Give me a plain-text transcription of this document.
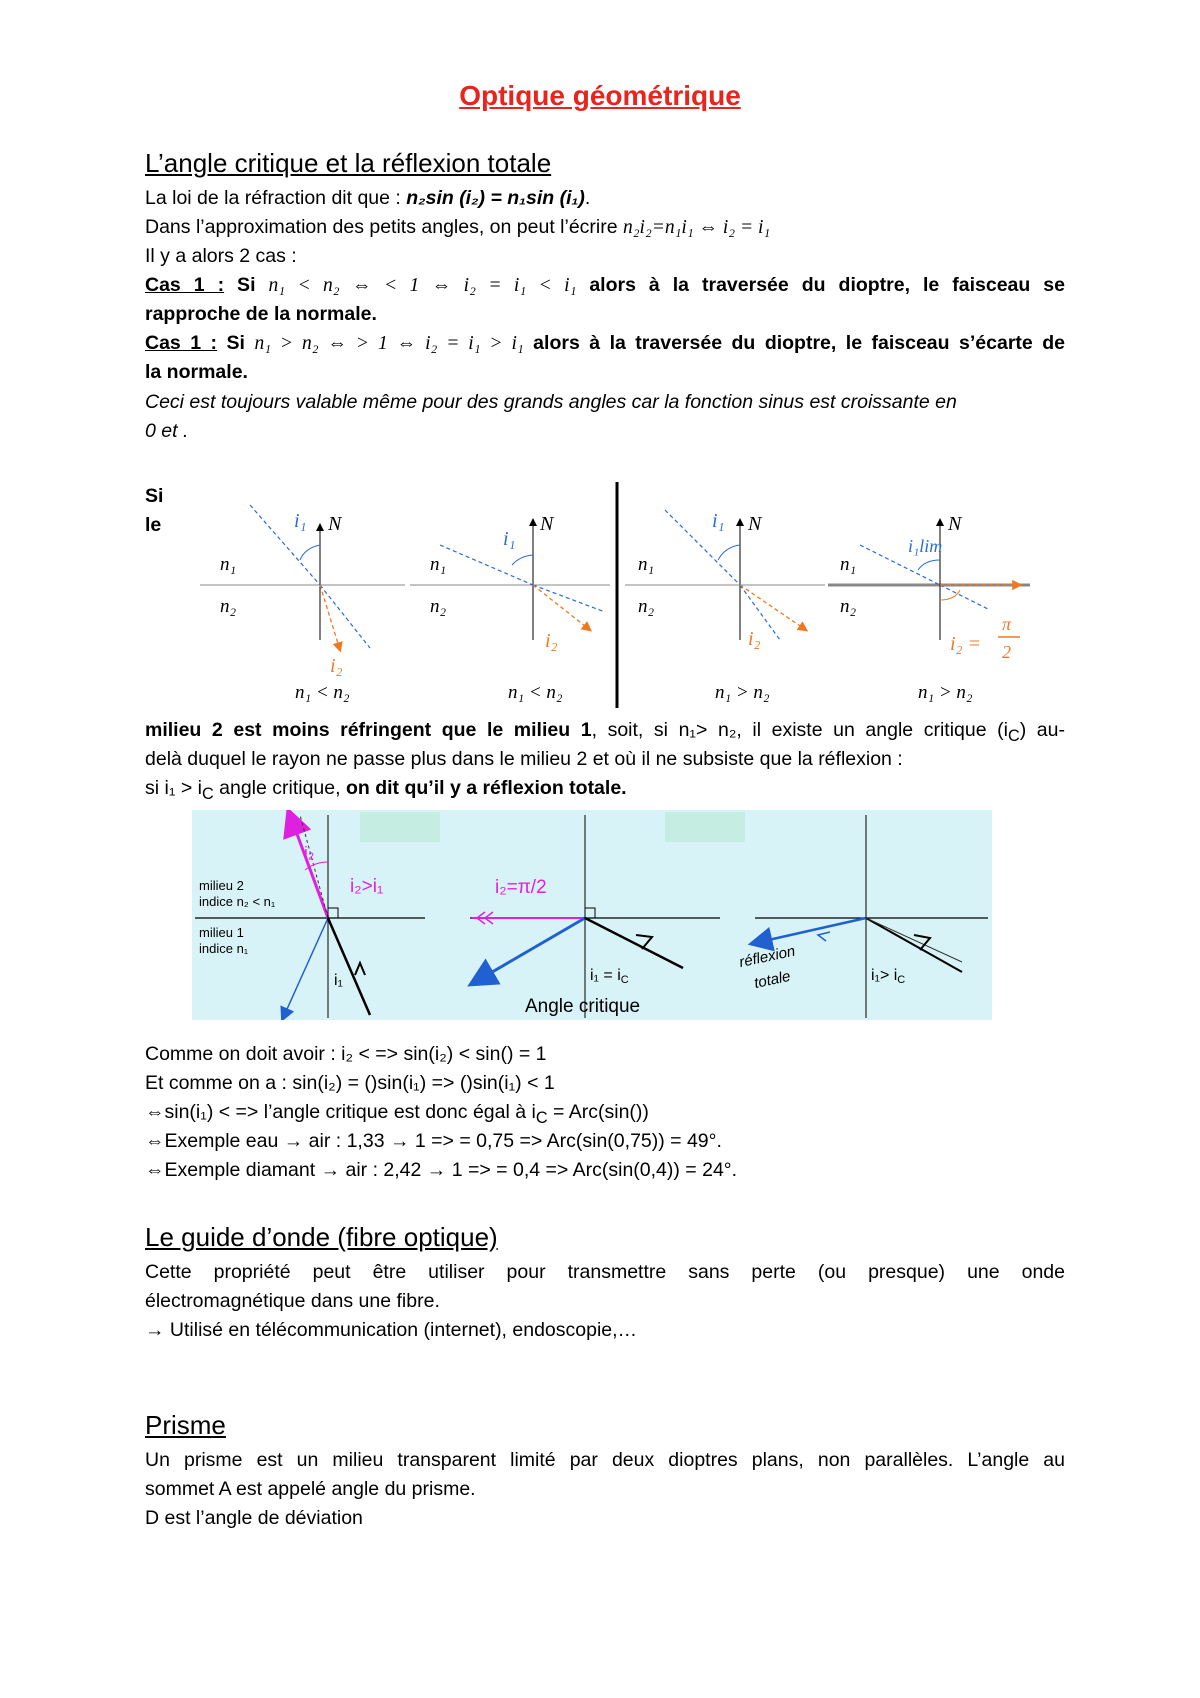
Optique géométrique
L’angle critique et la réflexion totale
La loi de la réfraction dit que : n₂sin (i₂) = n₁sin (i₁).
Dans l’approximation des petits angles, on peut l’écrire n₂i₂=n₁i₁ ⇔ i₂ = i₁
Il y a alors 2 cas :
Cas 1 : Si n₁ < n₂ ⇔ < 1 ⇔ i₂ = i₁ < i₁ alors à la traversée du dioptre, le faisceau se
rapproche de la normale.
Cas 1 : Si n₁ > n₂ ⇔ > 1 ⇔ i₂ = i₁ > i₁ alors à la traversée du dioptre, le faisceau s’écarte de
la normale.
Ceci est toujours valable même pour des grands angles car la fonction sinus est croissante en
0 et .
Si
le	i₁ N
n₁
n₂
i₂
n₁ < n₂
i₁
N
n₁
n₂
i₂
n₁ < n₂
i₁ N
n₁
n₂
i₂
n₁ > n₂
i₁lim
N
n₁
n₂
i₂ =
π
2
n₁ > n₂
milieu 2 est moins réfringent que le milieu 1, soit, si n₁> n₂, il existe un angle critique $(i_C)$ au-
delà duquel le rayon ne passe plus dans le milieu 2 et où il ne subsiste que la réflexion :
si $i_1 > i_C$ angle critique, on dit qu’il y a réflexion totale.
i₂
i₂>i₁
i₁
milieu 2
indice n₂ < n₁
milieu 1
indice n₁
i₂=π/2
i₁ = iC
Angle critique
réflexion
totale	i₁> iC
Comme on doit avoir : i₂ < => sin(i₂) < sin() = 1
Et comme on a : sin(i₂) = ()sin(i₁) => ()sin(i₁) < 1
⇔sin(i₁) < => l’angle critique est donc égal à $i_C = Arc(\sin())$
⇔Exemple eau → air : 1,33 → 1 => = 0,75 => Arc(sin(0,75)) = 49°.
⇔Exemple diamant → air : 2,42 → 1 => = 0,4 => Arc(sin(0,4)) = 24°.
Le guide d’onde (fibre optique)
Cette propriété peut être utiliser pour transmettre sans perte (ou presque) une onde
électromagnétique dans une fibre.
→ Utilisé en télécommunication (internet), endoscopie,…
Prisme
Un prisme est un milieu transparent limité par deux dioptres plans, non parallèles. L’angle au
sommet A est appelé angle du prisme.
D est l’angle de déviation
